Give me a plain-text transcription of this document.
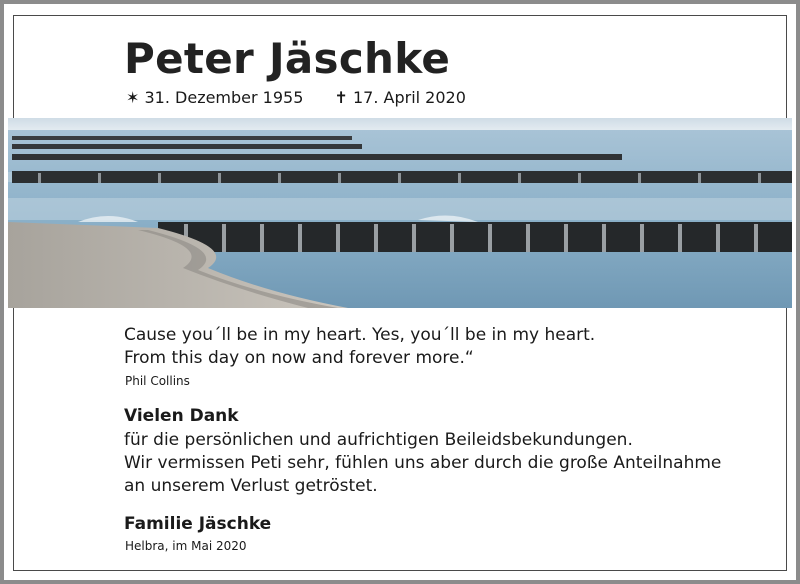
Peter Jäschke
✶ 31. Dezember 1955 ✝ 17. April 2020
Cause you´ll be in my heart. Yes, you´ll be in my heart.
From this day on now and forever more.“
Phil Collins
Vielen Dank
für die persönlichen und aufrichtigen Beileidsbekundungen.
Wir vermissen Peti sehr, fühlen uns aber durch die große Anteilnahme
an unserem Verlust getröstet.
Familie Jäschke
Helbra, im Mai 2020
